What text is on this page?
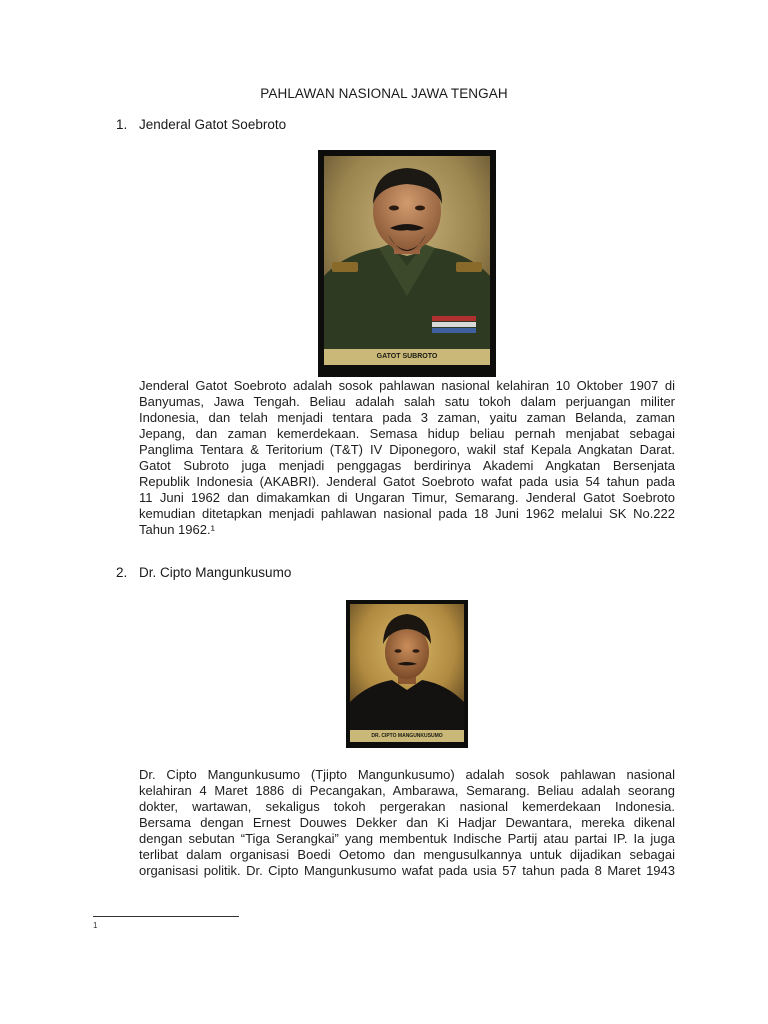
PAHLAWAN NASIONAL JAWA TENGAH
1. Jenderal Gatot Soebroto
GATOT SUBROTO
Jenderal Gatot Soebroto adalah sosok pahlawan nasional kelahiran 10 Oktober 1907 di
Banyumas, Jawa Tengah. Beliau adalah salah satu tokoh dalam perjuangan militer
Indonesia, dan telah menjadi tentara pada 3 zaman, yaitu zaman Belanda, zaman
Jepang, dan zaman kemerdekaan. Semasa hidup beliau pernah menjabat sebagai
Panglima Tentara & Teritorium (T&T) IV Diponegoro, wakil staf Kepala Angkatan Darat.
Gatot Subroto juga menjadi penggagas berdirinya Akademi Angkatan Bersenjata
Republik Indonesia (AKABRI). Jenderal Gatot Soebroto wafat pada usia 54 tahun pada
11 Juni 1962 dan dimakamkan di Ungaran Timur, Semarang. Jenderal Gatot Soebroto
kemudian ditetapkan menjadi pahlawan nasional pada 18 Juni 1962 melalui SK No.222
Tahun 1962.¹
2. Dr. Cipto Mangunkusumo
DR. CIPTO MANGUNKUSUMO
Dr. Cipto Mangunkusumo (Tjipto Mangunkusumo) adalah sosok pahlawan nasional
kelahiran 4 Maret 1886 di Pecangakan, Ambarawa, Semarang. Beliau adalah seorang
dokter, wartawan, sekaligus tokoh pergerakan nasional kemerdekaan Indonesia.
Bersama dengan Ernest Douwes Dekker dan Ki Hadjar Dewantara, mereka dikenal
dengan sebutan “Tiga Serangkai” yang membentuk Indische Partij atau partai IP. Ia juga
terlibat dalam organisasi Boedi Oetomo dan mengusulkannya untuk dijadikan sebagai
organisasi politik. Dr. Cipto Mangunkusumo wafat pada usia 57 tahun pada 8 Maret 1943
1
